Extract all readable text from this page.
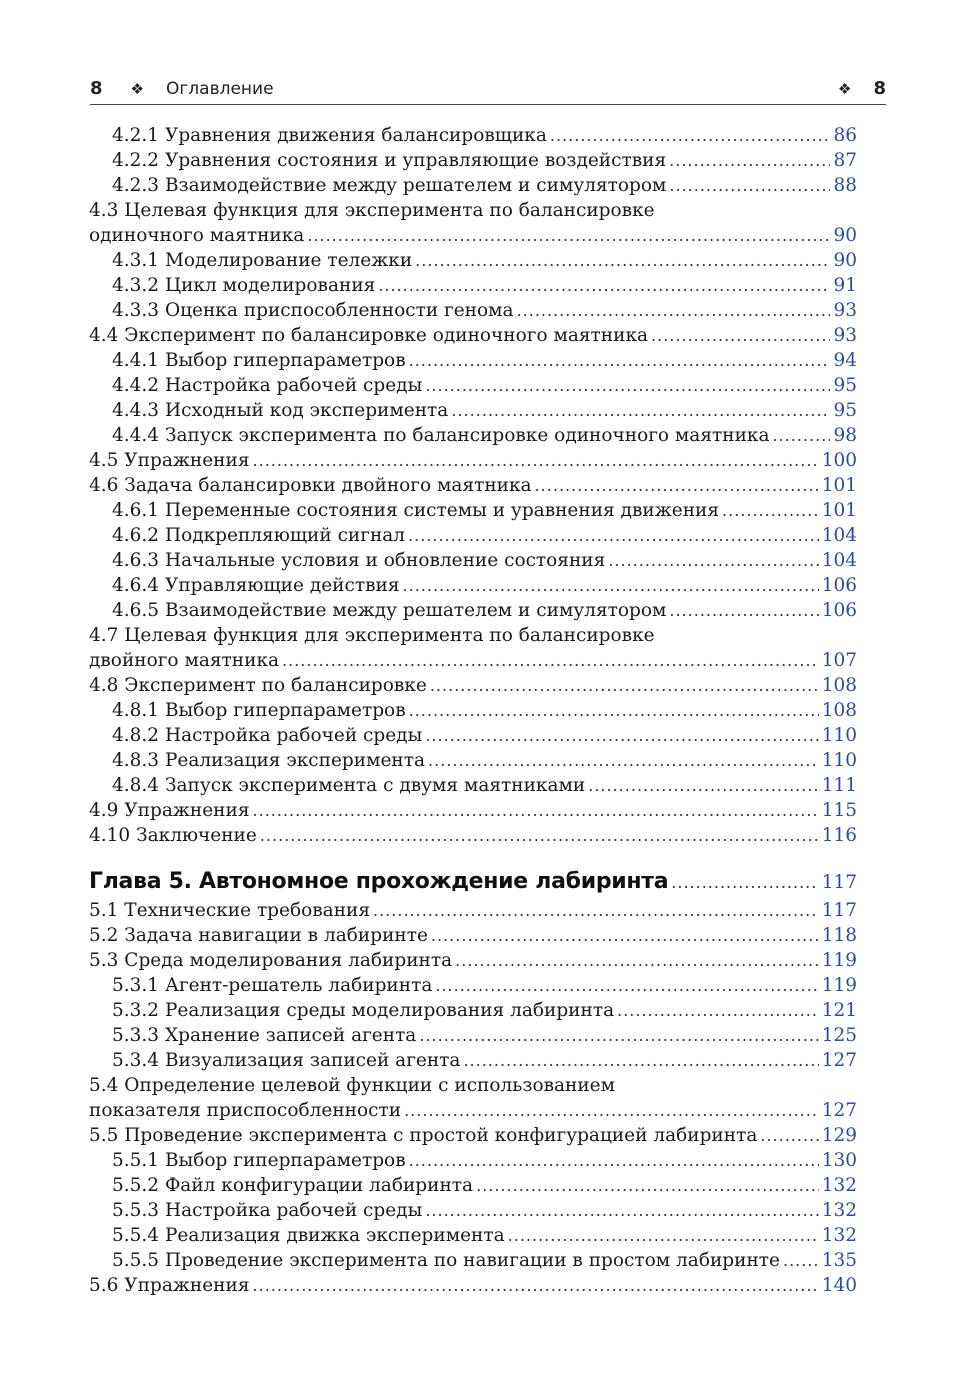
8 ❖ Оглавление	❖ 8
4.2.1 Уравнения движения балансировщика .....	86
4.2.2 Уравнения состояния и управляющие воздействия .....	87
4.2.3 Взаимодействие между решателем и симулятором .....	88
4.3 Целевая функция для эксперимента по балансировке
одиночного маятника .....	90
4.3.1 Моделирование тележки .....	90
4.3.2 Цикл моделирования .....	91
4.3.3 Оценка приспособленности генома .....	93
4.4 Эксперимент по балансировке одиночного маятника .....	93
4.4.1 Выбор гиперпараметров .....	94
4.4.2 Настройка рабочей среды .....	95
4.4.3 Исходный код эксперимента .....	95
4.4.4 Запуск эксперимента по балансировке одиночного маятника .....	98
4.5 Упражнения .....	100
4.6 Задача балансировки двойного маятника .....	101
4.6.1 Переменные состояния системы и уравнения движения .....	101
4.6.2 Подкрепляющий сигнал .....	104
4.6.3 Начальные условия и обновление состояния .....	104
4.6.4 Управляющие действия .....	106
4.6.5 Взаимодействие между решателем и симулятором .....	106
4.7 Целевая функция для эксперимента по балансировке
двойного маятника .....	107
4.8 Эксперимент по балансировке .....	108
4.8.1 Выбор гиперпараметров .....	108
4.8.2 Настройка рабочей среды .....	110
4.8.3 Реализация эксперимента .....	110
4.8.4 Запуск эксперимента с двумя маятниками .....	111
4.9 Упражнения .....	115
4.10 Заключение .....	116
Глава 5. Автономное прохождение лабиринта .....	117
5.1 Технические требования .....	117
5.2 Задача навигации в лабиринте .....	118
5.3 Среда моделирования лабиринта .....	119
5.3.1 Агент-решатель лабиринта .....	119
5.3.2 Реализация среды моделирования лабиринта .....	121
5.3.3 Хранение записей агента .....	125
5.3.4 Визуализация записей агента .....	127
5.4 Определение целевой функции с использованием
показателя приспособленности .....	127
5.5 Проведение эксперимента с простой конфигурацией лабиринта .....	129
5.5.1 Выбор гиперпараметров .....	130
5.5.2 Файл конфигурации лабиринта .....	132
5.5.3 Настройка рабочей среды .....	132
5.5.4 Реализация движка эксперимента .....	132
5.5.5 Проведение эксперимента по навигации в простом лабиринте ..... 135
5.6 Упражнения .....	140
